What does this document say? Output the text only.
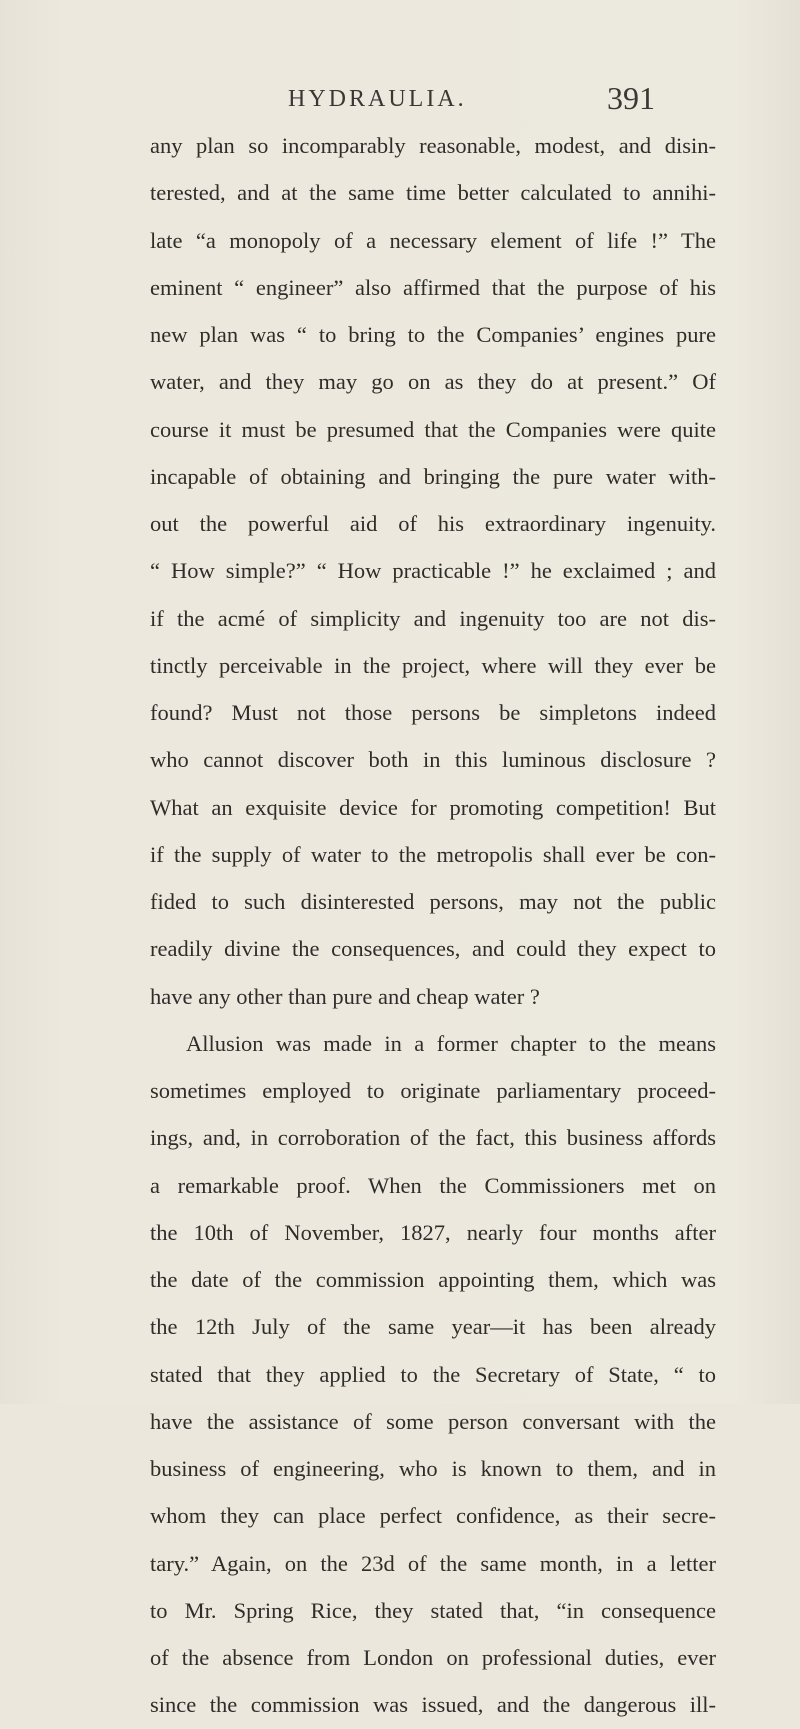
HYDRAULIA.	391
any plan so incomparably reasonable, modest, and disin-
terested, and at the same time better calculated to annihi-
late “a monopoly of a necessary element of life !” The
eminent “ engineer” also affirmed that the purpose of his
new plan was “ to bring to the Companies’ engines pure
water, and they may go on as they do at present.” Of
course it must be presumed that the Companies were quite
incapable of obtaining and bringing the pure water with-
out the powerful aid of his extraordinary ingenuity.
“ How simple?” “ How practicable !” he exclaimed ; and
if the acmé of simplicity and ingenuity too are not dis-
tinctly perceivable in the project, where will they ever be
found? Must not those persons be simpletons indeed
who cannot discover both in this luminous disclosure ?
What an exquisite device for promoting competition! But
if the supply of water to the metropolis shall ever be con-
fided to such disinterested persons, may not the public
readily divine the consequences, and could they expect to
have any other than pure and cheap water ?
Allusion was made in a former chapter to the means
sometimes employed to originate parliamentary proceed-
ings, and, in corroboration of the fact, this business affords
a remarkable proof. When the Commissioners met on
the 10th of November, 1827, nearly four months after
the date of the commission appointing them, which was
the 12th July of the same year—it has been already
stated that they applied to the Secretary of State, “ to
have the assistance of some person conversant with the
business of engineering, who is known to them, and in
whom they can place perfect confidence, as their secre-
tary.” Again, on the 23d of the same month, in a letter
to Mr. Spring Rice, they stated that, “in consequence
of the absence from London on professional duties, ever
since the commission was issued, and the dangerous ill-
